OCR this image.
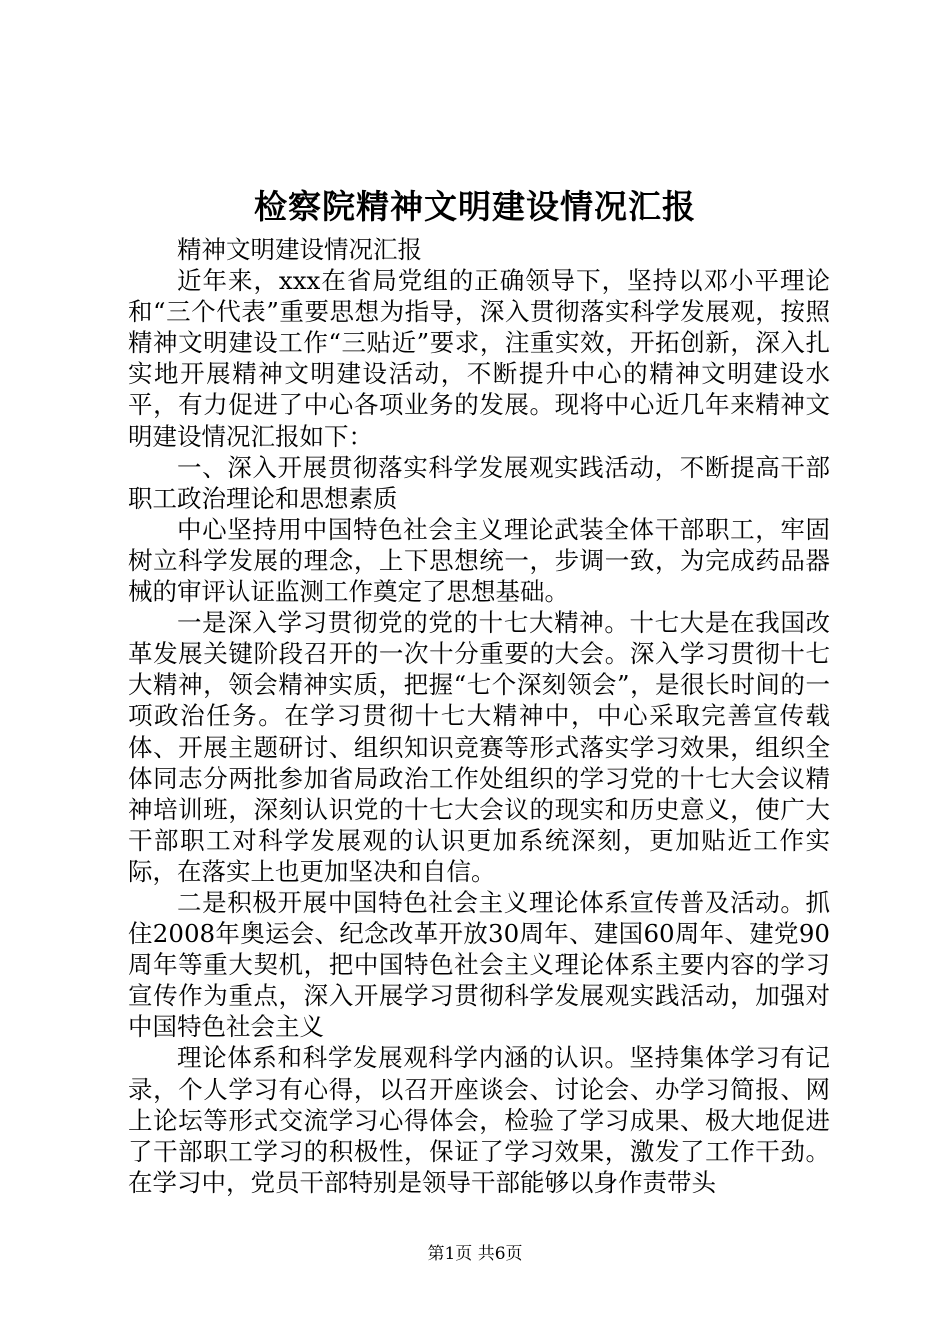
检察院精神文明建设情况汇报

精神文明建设情况汇报

近年来，xxx在省局党组的正确领导下，坚持以邓小平理论和“三个代表”重要思想为指导，深入贯彻落实科学发展观，按照精神文明建设工作“三贴近”要求，注重实效，开拓创新，深入扎实地开展精神文明建设活动，不断提升中心的精神文明建设水平，有力促进了中心各项业务的发展。现将中心近几年来精神文明建设情况汇报如下：

一、深入开展贯彻落实科学发展观实践活动，不断提高干部职工政治理论和思想素质

中心坚持用中国特色社会主义理论武装全体干部职工，牢固树立科学发展的理念，上下思想统一，步调一致，为完成药品器械的审评认证监测工作奠定了思想基础。

一是深入学习贯彻党的党的十七大精神。十七大是在我国改革发展关键阶段召开的一次十分重要的大会。深入学习贯彻十七大精神，领会精神实质，把握“七个深刻领会”，是很长时间的一项政治任务。在学习贯彻十七大精神中，中心采取完善宣传载体、开展主题研讨、组织知识竞赛等形式落实学习效果，组织全体同志分两批参加省局政治工作处组织的学习党的十七大会议精神培训班，深刻认识党的十七大会议的现实和历史意义，使广大干部职工对科学发展观的认识更加系统深刻，更加贴近工作实际，在落实上也更加坚决和自信。

二是积极开展中国特色社会主义理论体系宣传普及活动。抓住2008年奥运会、纪念改革开放30周年、建国60周年、建党90周年等重大契机，把中国特色社会主义理论体系主要内容的学习宣传作为重点，深入开展学习贯彻科学发展观实践活动，加强对中国特色社会主义

理论体系和科学发展观科学内涵的认识。坚持集体学习有记录，个人学习有心得，以召开座谈会、讨论会、办学习简报、网上论坛等形式交流学习心得体会，检验了学习成果、极大地促进了干部职工学习的积极性，保证了学习效果，激发了工作干劲。在学习中，党员干部特别是领导干部能够以身作责带头

第1页 共6页
